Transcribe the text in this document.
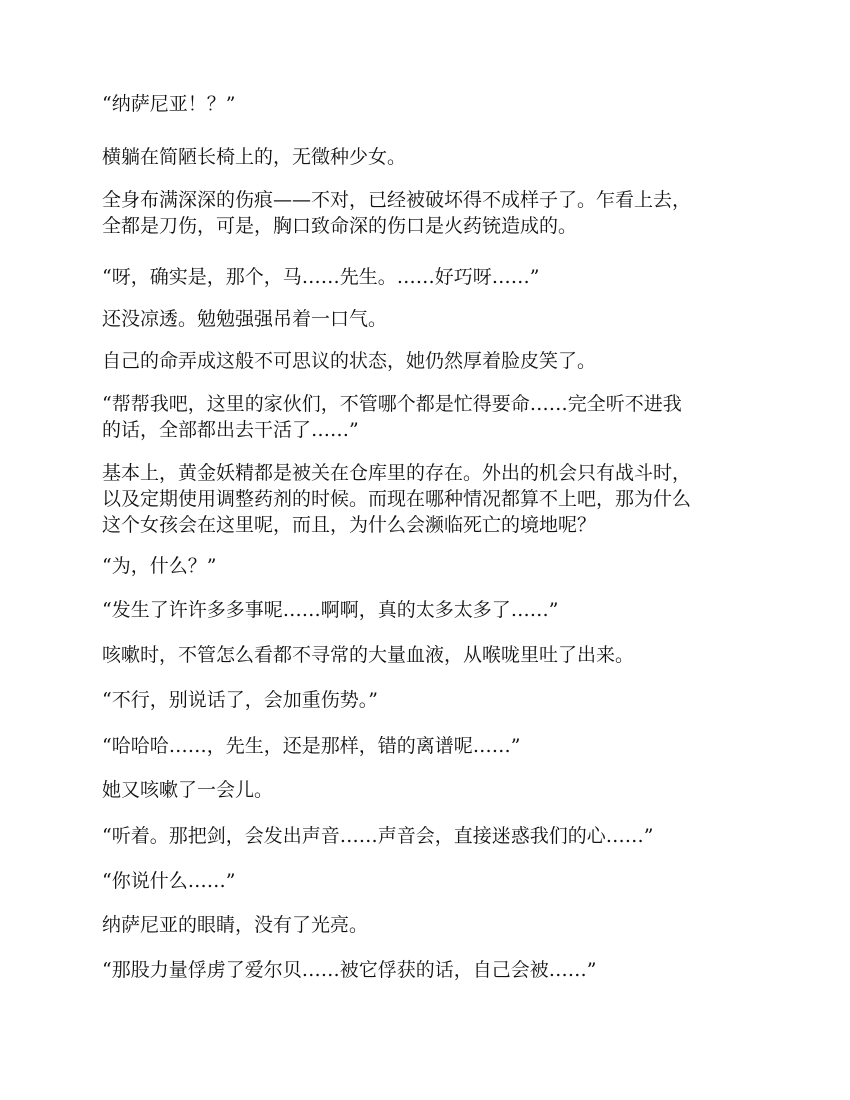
“纳萨尼亚！？”

横躺在简陋长椅上的，无徵种少女。

全身布满深深的伤痕——不对，已经被破坏得不成样子了。乍看上去，
全都是刀伤，可是，胸口致命深的伤口是火药铳造成的。

“呀，确实是，那个，马……先生。……好巧呀……”

还没凉透。勉勉强强吊着一口气。

自己的命弄成这般不可思议的状态，她仍然厚着脸皮笑了。

“帮帮我吧，这里的家伙们，不管哪个都是忙得要命……完全听不进我
的话，全部都出去干活了……”

基本上，黄金妖精都是被关在仓库里的存在。外出的机会只有战斗时，
以及定期使用调整药剂的时候。而现在哪种情况都算不上吧，那为什么
这个女孩会在这里呢，而且，为什么会濒临死亡的境地呢？

“为，什么？”

“发生了许许多多事呢……啊啊，真的太多太多了……”

咳嗽时，不管怎么看都不寻常的大量血液，从喉咙里吐了出来。

“不行，别说话了，会加重伤势。”

“哈哈哈……，先生，还是那样，错的离谱呢……”

她又咳嗽了一会儿。

“听着。那把剑，会发出声音……声音会，直接迷惑我们的心……”

“你说什么……”

纳萨尼亚的眼睛，没有了光亮。

“那股力量俘虏了爱尔贝……被它俘获的话，自己会被……”
